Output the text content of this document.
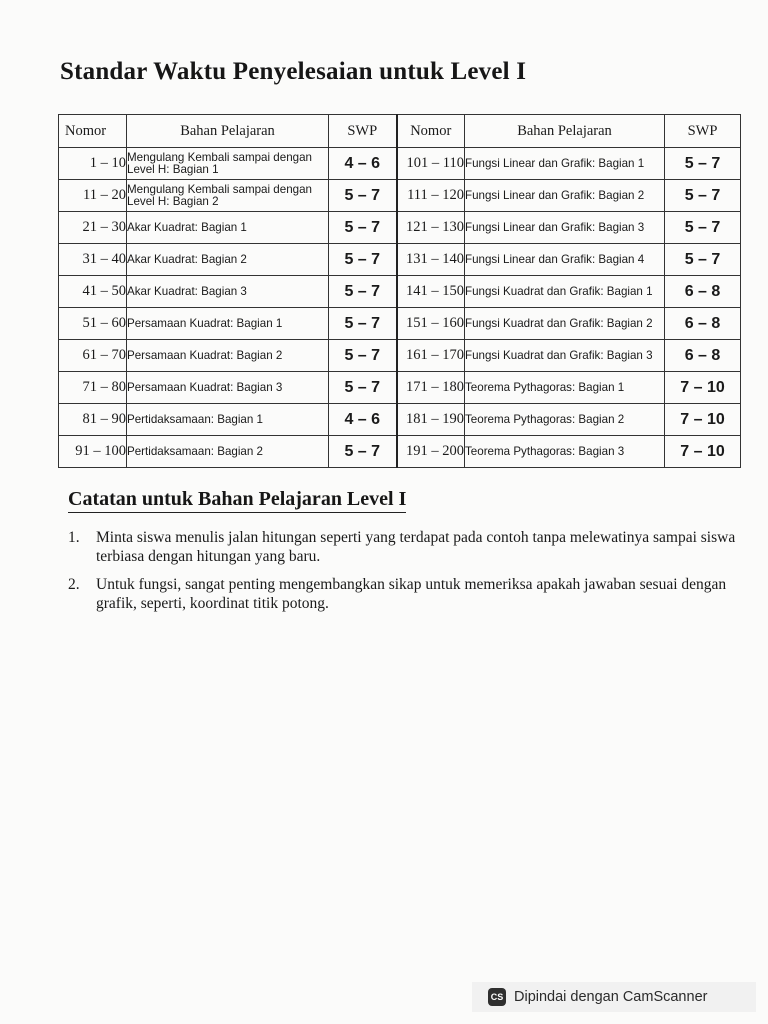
Standar Waktu Penyelesaian untuk Level I
Nomor	Bahan Pelajaran	SWP	Nomor	Bahan Pelajaran	SWP
1 – 10	Mengulang Kembali sampai dengan Level H: Bagian 1	4 – 6	101 – 110	Fungsi Linear dan Grafik: Bagian 1	5 – 7
11 – 20	Mengulang Kembali sampai dengan Level H: Bagian 2	5 – 7	111 – 120	Fungsi Linear dan Grafik: Bagian 2	5 – 7
21 – 30	Akar Kuadrat: Bagian 1	5 – 7	121 – 130	Fungsi Linear dan Grafik: Bagian 3	5 – 7
31 – 40	Akar Kuadrat: Bagian 2	5 – 7	131 – 140	Fungsi Linear dan Grafik: Bagian 4	5 – 7
41 – 50	Akar Kuadrat: Bagian 3	5 – 7	141 – 150	Fungsi Kuadrat dan Grafik: Bagian 1	6 – 8
51 – 60	Persamaan Kuadrat: Bagian 1	5 – 7	151 – 160	Fungsi Kuadrat dan Grafik: Bagian 2	6 – 8
61 – 70	Persamaan Kuadrat: Bagian 2	5 – 7	161 – 170	Fungsi Kuadrat dan Grafik: Bagian 3	6 – 8
71 – 80	Persamaan Kuadrat: Bagian 3	5 – 7	171 – 180	Teorema Pythagoras: Bagian 1	7 – 10
81 – 90	Pertidaksamaan: Bagian 1	4 – 6	181 – 190	Teorema Pythagoras: Bagian 2	7 – 10
91 – 100	Pertidaksamaan: Bagian 2	5 – 7	191 – 200	Teorema Pythagoras: Bagian 3	7 – 10
Catatan untuk Bahan Pelajaran Level I
1. Minta siswa menulis jalan hitungan seperti yang terdapat pada contoh tanpa melewatinya sampai siswa terbiasa dengan hitungan yang baru.
2. Untuk fungsi, sangat penting mengembangkan sikap untuk memeriksa apakah jawaban sesuai dengan grafik, seperti, koordinat titik potong.
CS Dipindai dengan CamScanner
